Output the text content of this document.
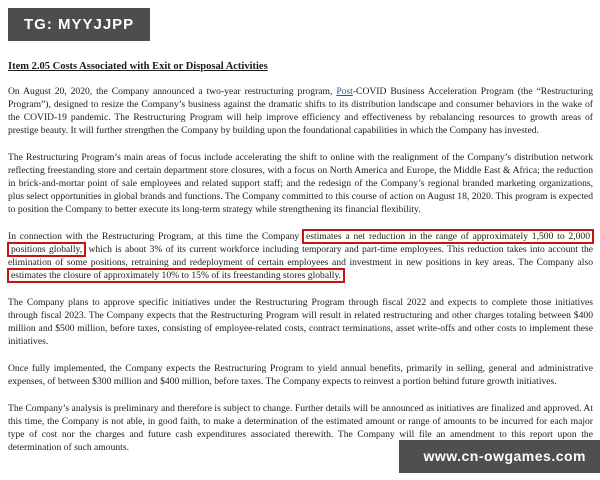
TG: MYYJJPP
Item 2.05 Costs Associated with Exit or Disposal Activities

On August 20, 2020, the Company announced a two-year restructuring program, Post-COVID Business Acceleration Program (the “Restructuring Program”), designed to resize the Company’s business against the dramatic shifts to its distribution landscape and consumer behaviors in the wake of the COVID-19 pandemic. The Restructuring Program will help improve efficiency and effectiveness by rebalancing resources to growth areas of prestige beauty. It will further strengthen the Company by building upon the foundational capabilities in which the Company has invested.

The Restructuring Program’s main areas of focus include accelerating the shift to online with the realignment of the Company’s distribution network reflecting freestanding store and certain department store closures, with a focus on North America and Europe, the Middle East & Africa; the reduction in brick-and-mortar point of sale employees and related support staff; and the redesign of the Company’s regional branded marketing organizations, plus select opportunities in global brands and functions. The Company committed to this course of action on August 18, 2020. This program is expected to position the Company to better execute its long-term strategy while strengthening its financial flexibility.

In connection with the Restructuring Program, at this time the Company estimates a net reduction in the range of approximately 1,500 to 2,000 positions globally, which is about 3% of its current workforce including temporary and part-time employees. This reduction takes into account the elimination of some positions, retraining and redeployment of certain employees and investment in new positions in key areas. The Company also estimates the closure of approximately 10% to 15% of its freestanding stores globally.

The Company plans to approve specific initiatives under the Restructuring Program through fiscal 2022 and expects to complete those initiatives through fiscal 2023. The Company expects that the Restructuring Program will result in related restructuring and other charges totaling between $400 million and $500 million, before taxes, consisting of employee-related costs, contract terminations, asset write-offs and other costs to implement these initiatives.

Once fully implemented, the Company expects the Restructuring Program to yield annual benefits, primarily in selling, general and administrative expenses, of between $300 million and $400 million, before taxes. The Company expects to reinvest a portion behind future growth initiatives.

The Company’s analysis is preliminary and therefore is subject to change. Further details will be announced as initiatives are finalized and approved. At this time, the Company is not able, in good faith, to make a determination of the estimated amount or range of amounts to be incurred for each major type of cost nor the charges and future cash expenditures associated therewith. The Company will file an amendment to this report upon the determination of such amounts.

www.cn-owgames.com
